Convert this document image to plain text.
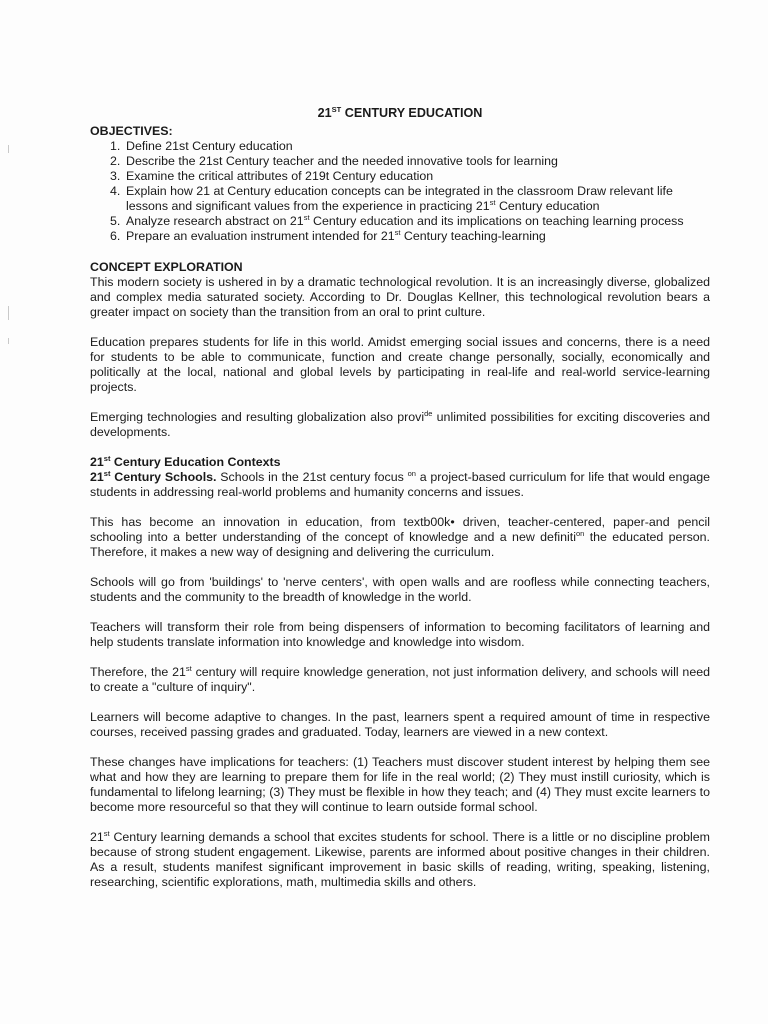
21ST CENTURY EDUCATION
OBJECTIVES:
1. Define 21st Century education
2. Describe the 21st Century teacher and the needed innovative tools for learning
3. Examine the critical attributes of 219t Century education
4. Explain how 21 at Century education concepts can be integrated in the classroom Draw relevant life lessons and significant values from the experience in practicing 21st Century education
5. Analyze research abstract on 21st Century education and its implications on teaching learning process
6. Prepare an evaluation instrument intended for 21st Century teaching-learning
CONCEPT EXPLORATION

This modern society is ushered in by a dramatic technological revolution. It is an increasingly diverse, globalized and complex media saturated society. According to Dr. Douglas Kellner, this technological revolution bears a greater impact on society than the transition from an oral to print culture.

Education prepares students for life in this world. Amidst emerging social issues and concerns, there is a need for students to be able to communicate, function and create change personally, socially, economically and politically at the local, national and global levels by participating in real-life and real-world service-learning projects.

Emerging technologies and resulting globalization also provi$^{de}$ unlimited possibilities for exciting discoveries and developments.

21st Century Education Contexts

21st Century Schools. Schools in the 21st century focus $^{on}$ a project-based curriculum for life that would engage students in addressing real-world problems and humanity concerns and issues.

This has become an innovation in education, from textb00k• driven, teacher-centered, paper-and pencil schooling into a better understanding of the concept of knowledge and a new definiti$^{on}$ the educated person. Therefore, it makes a new way of designing and delivering the curriculum.

Schools will go from 'buildings' to 'nerve centers', with open walls and are roofless while connecting teachers, students and the community to the breadth of knowledge in the world.

Teachers will transform their role from being dispensers of information to becoming facilitators of learning and help students translate information into knowledge and knowledge into wisdom.

Therefore, the 21st century will require knowledge generation, not just information delivery, and schools will need to create a "culture of inquiry".

Learners will become adaptive to changes. In the past, learners spent a required amount of time in respective courses, received passing grades and graduated. Today, learners are viewed in a new context.

These changes have implications for teachers: (1) Teachers must discover student interest by helping them see what and how they are learning to prepare them for life in the real world; (2) They must instill curiosity, which is fundamental to lifelong learning; (3) They must be flexible in how they teach; and (4) They must excite learners to become more resourceful so that they will continue to learn outside formal school.

21st Century learning demands a school that excites students for school. There is a little or no discipline problem because of strong student engagement. Likewise, parents are informed about positive changes in their children. As a result, students manifest significant improvement in basic skills of reading, writing, speaking, listening, researching, scientific explorations, math, multimedia skills and others.
